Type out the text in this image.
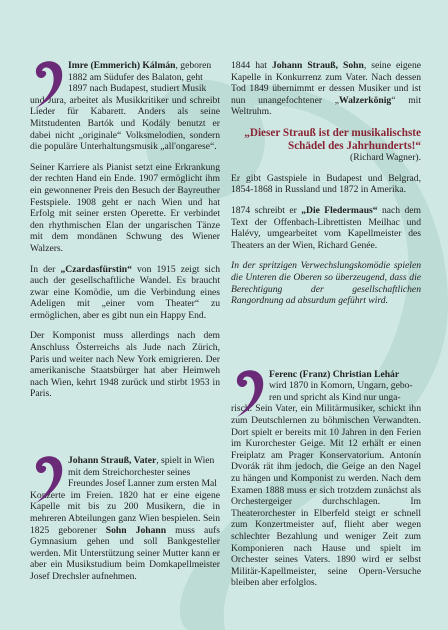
Imre (Emmerich) Kálmán, geboren

1882 am Südufer des Balaton, geht

1897 nach Budapest, studiert Musik

und Jura, arbeitet als Musikkritiker und schreibt Lieder für Kabarett. Anders als seine Mitstudenten Bartók und Kodály benutzt er dabei nicht „originale“ Volksmelodien, sondern die populäre Unterhaltungsmusik „all'ongarese“.

Seiner Karriere als Pianist setzt eine Erkrankung der rechten Hand ein Ende. 1907 ermöglicht ihm ein gewonnener Preis den Besuch der Bayreuther Festspiele. 1908 geht er nach Wien und hat Erfolg mit seiner ersten Operette. Er verbindet den rhythmischen Elan der ungarischen Tänze mit dem mondänen Schwung des Wiener Walzers.

In der „Czardasfürstin“ von 1915 zeigt sich auch der gesellschaftliche Wandel. Es braucht zwar eine Komödie, um die Verbindung eines Adeligen mit „einer vom Theater“ zu ermöglichen, aber es gibt nun ein Happy End.

Der Komponist muss allerdings nach dem Anschluss Österreichs als Jude nach Zürich, Paris und weiter nach New York emigrieren. Der amerikanische Staatsbürger hat aber Heimweh nach Wien, kehrt 1948 zurück und stirbt 1953 in Paris.

Johann Strauß, Vater, spielt in Wien

mit dem Streichorchester seines

Freundes Josef Lanner zum ersten Mal

Konzerte im Freien. 1820 hat er eine eigene Kapelle mit bis zu 200 Musikern, die in mehreren Abteilungen ganz Wien bespielen. Sein 1825 geborener Sohn Johann muss aufs Gymnasium gehen und soll Bankgesteller werden. Mit Unterstützung seiner Mutter kann er aber ein Musikstudium beim Domkapellmeister Josef Drechsler aufnehmen.

1844 hat Johann Strauß, Sohn, seine eigene Kapelle in Konkurrenz zum Vater. Nach dessen Tod 1849 übernimmt er dessen Musiker und ist nun unangefochtener „Walzerkönig“ mit Weltruhm.

„Dieser Strauß ist der musikalischste Schädel des Jahrhunderts!“

(Richard Wagner).

Er gibt Gastspiele in Budapest und Belgrad, 1854-1868 in Russland und 1872 in Amerika.

1874 schreibt er „Die Fledermaus“ nach dem Text der Offenbach-Librettisten Meilhac und Halévy, umgearbeitet vom Kapellmeister des Theaters an der Wien, Richard Genée.

In der spritzigen Verwechslungskomödie spielen die Unteren die Oberen so überzeugend, dass die Berechtigung der gesellschaftlichen Rangordnung ad absurdum geführt wird.

Ferenc (Franz) Christian Lehár

wird 1870 in Komorn, Ungarn, gebo-

ren und spricht als Kind nur unga-

risch. Sein Vater, ein Militärmusiker, schickt ihn zum Deutschlernen zu böhmischen Verwandten. Dort spielt er bereits mit 10 Jahren in den Ferien im Kurorchester Geige. Mit 12 erhält er einen Freiplatz am Prager Konservatorium. Antonín Dvorák rät ihm jedoch, die Geige an den Nagel zu hängen und Komponist zu werden. Nach dem Examen 1888 muss er sich trotzdem zunächst als Orchestergeiger durchschlagen. Im Theaterorchester in Elberfeld steigt er schnell zum Konzertmeister auf, flieht aber wegen schlechter Bezahlung und weniger Zeit zum Komponieren nach Hause und spielt im Orchester seines Vaters. 1890 wird er selbst Militär-Kapellmeister, seine Opern-Versuche bleiben aber erfolglos.
